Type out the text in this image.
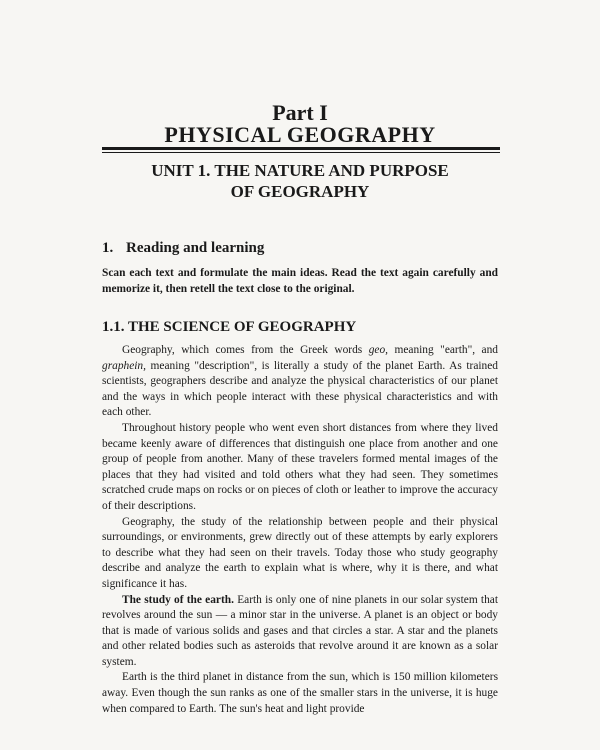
Part I
PHYSICAL GEOGRAPHY
UNIT 1. THE NATURE AND PURPOSE
OF GEOGRAPHY
1. Reading and learning
Scan each text and formulate the main ideas. Read the text again carefully and memorize it, then retell the text close to the original.
1.1. THE SCIENCE OF GEOGRAPHY

Geography, which comes from the Greek words geo, meaning "earth", and graphein, meaning "description", is literally a study of the planet Earth. As trained scientists, geographers describe and analyze the physical characteristics of our planet and the ways in which people interact with these physical characteristics and with each other.

Throughout history people who went even short distances from where they lived became keenly aware of differences that distinguish one place from another and one group of people from another. Many of these travelers formed mental images of the places that they had visited and told others what they had seen. They sometimes scratched crude maps on rocks or on pieces of cloth or leather to improve the accuracy of their descriptions.

Geography, the study of the relationship between people and their physical surroundings, or environments, grew directly out of these attempts by early explorers to describe what they had seen on their travels. Today those who study geography describe and analyze the earth to explain what is where, why it is there, and what significance it has.

The study of the earth. Earth is only one of nine planets in our solar system that revolves around the sun — a minor star in the universe. A planet is an object or body that is made of various solids and gases and that circles a star. A star and the planets and other related bodies such as asteroids that revolve around it are known as a solar system.

Earth is the third planet in distance from the sun, which is 150 million kilometers away. Even though the sun ranks as one of the smaller stars in the universe, it is huge when compared to Earth. The sun's heat and light provide
